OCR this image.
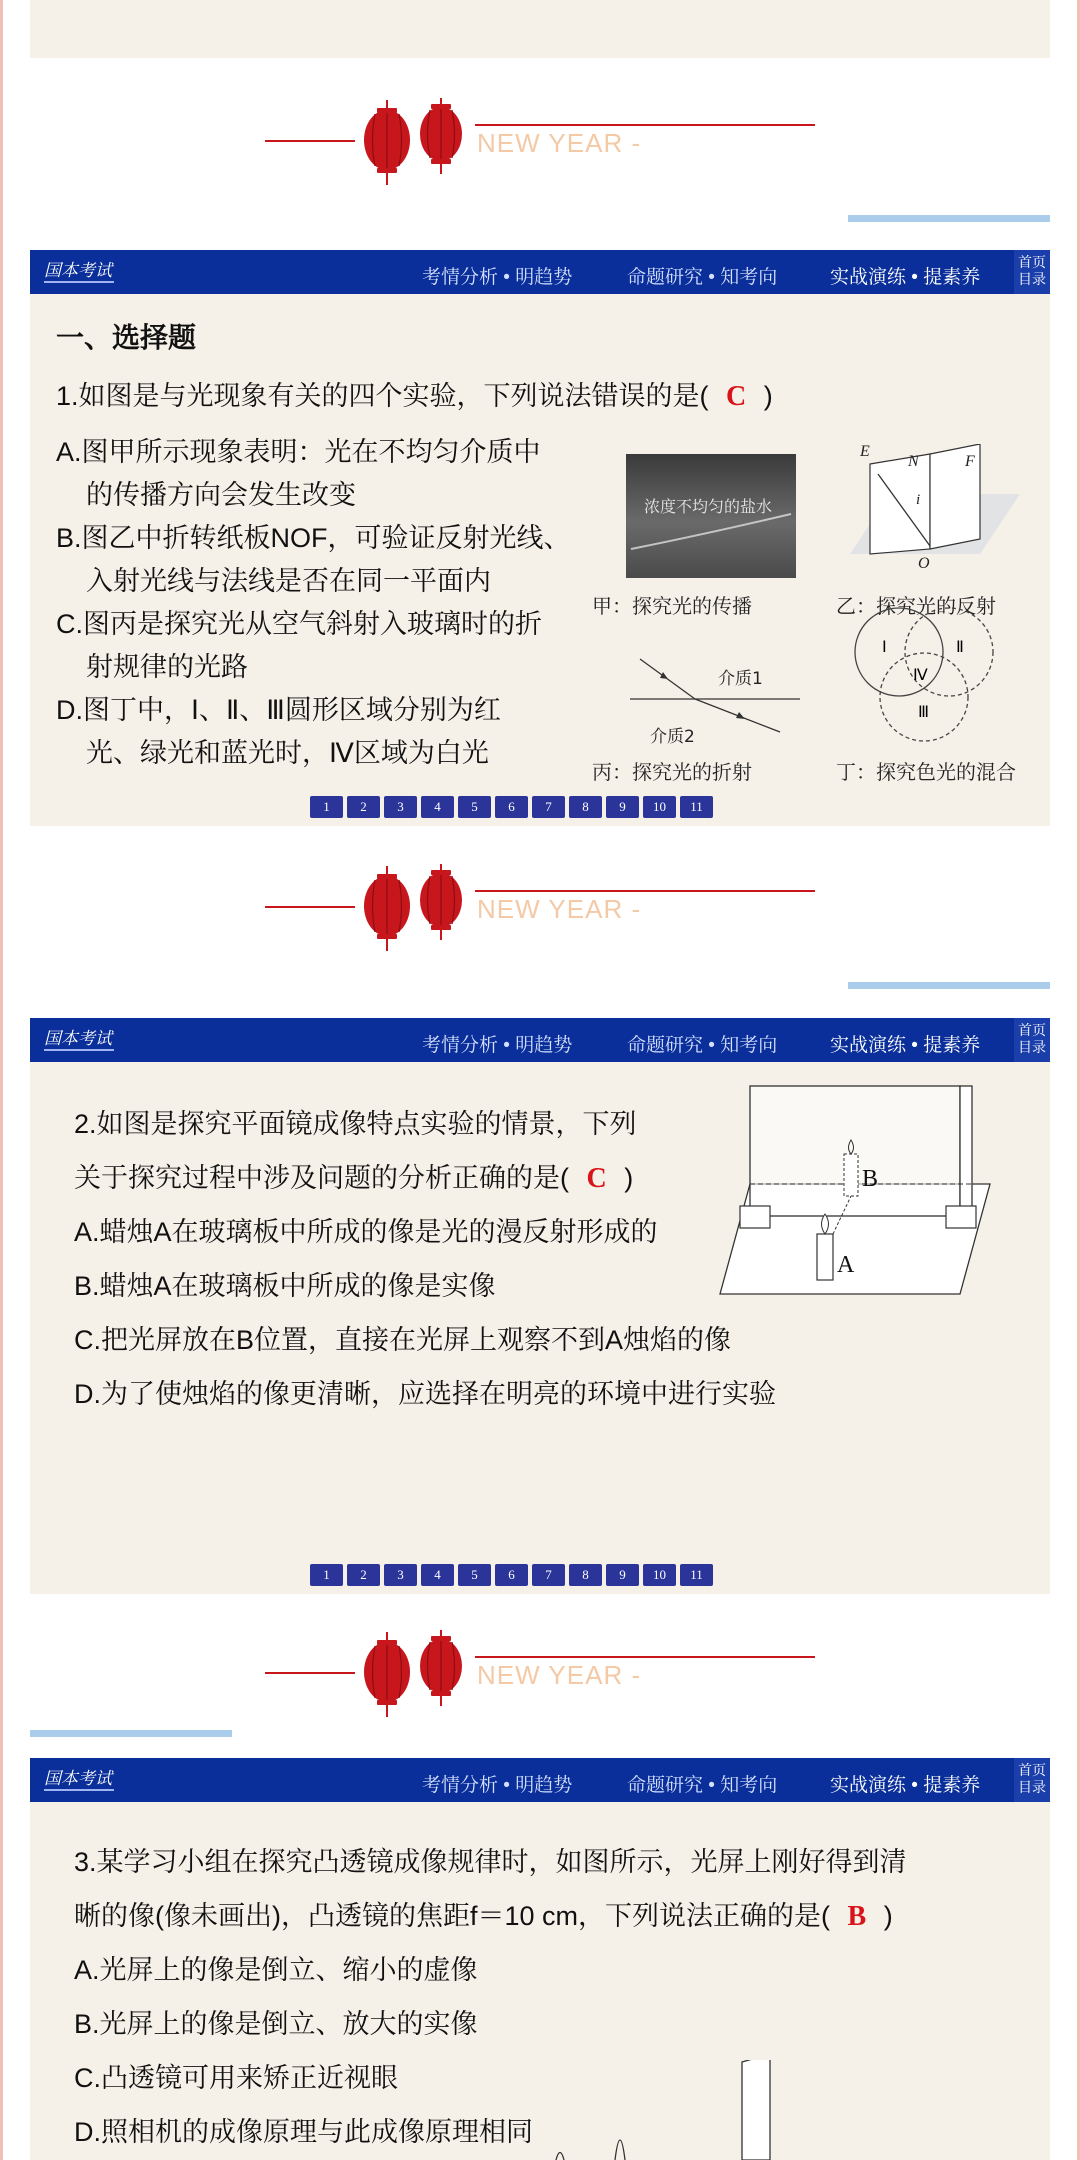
NEW YEAR -
国本考试	考情分析 • 明趋势	命题研究 • 知考向	实战演练 • 提素养
首页
目录
一、选择题
1.如图是与光现象有关的四个实验，下列说法错误的是( C )
A.图甲所示现象表明：光在不均匀介质中
的传播方向会发生改变
B.图乙中折转纸板NOF，可验证反射光线、
入射光线与法线是否在同一平面内
C.图丙是探究光从空气斜射入玻璃时的折
射规律的光路
D.图丁中，Ⅰ、Ⅱ、Ⅲ圆形区域分别为红
光、绿光和蓝光时，Ⅳ区域为白光
浓度不均匀的盐水
甲：探究光的传播
E
N	F
i
O
乙：探究光的反射
介质1
介质2
丙：探究光的折射
Ⅰ	Ⅱ
Ⅳ
Ⅲ
丁：探究色光的混合
1	2	3	4	5	6	7	8	9	10	11
NEW YEAR -
国本考试	考情分析 • 明趋势	命题研究 • 知考向	实战演练 • 提素养
首页
目录
2.如图是探究平面镜成像特点实验的情景，下列
关于探究过程中涉及问题的分析正确的是( C )
A.蜡烛A在玻璃板中所成的像是光的漫反射形成的
B.蜡烛A在玻璃板中所成的像是实像
C.把光屏放在B位置，直接在光屏上观察不到A烛焰的像
D.为了使烛焰的像更清晰，应选择在明亮的环境中进行实验
B
A
1	2	3	4	5	6	7	8	9	10	11
NEW YEAR -
国本考试	考情分析 • 明趋势	命题研究 • 知考向	实战演练 • 提素养
首页
目录
3.某学习小组在探究凸透镜成像规律时，如图所示，光屏上刚好得到清
晰的像(像未画出)，凸透镜的焦距f＝10 cm，下列说法正确的是( B )
A.光屏上的像是倒立、缩小的虚像
B.光屏上的像是倒立、放大的实像
C.凸透镜可用来矫正近视眼
D.照相机的成像原理与此成像原理相同
